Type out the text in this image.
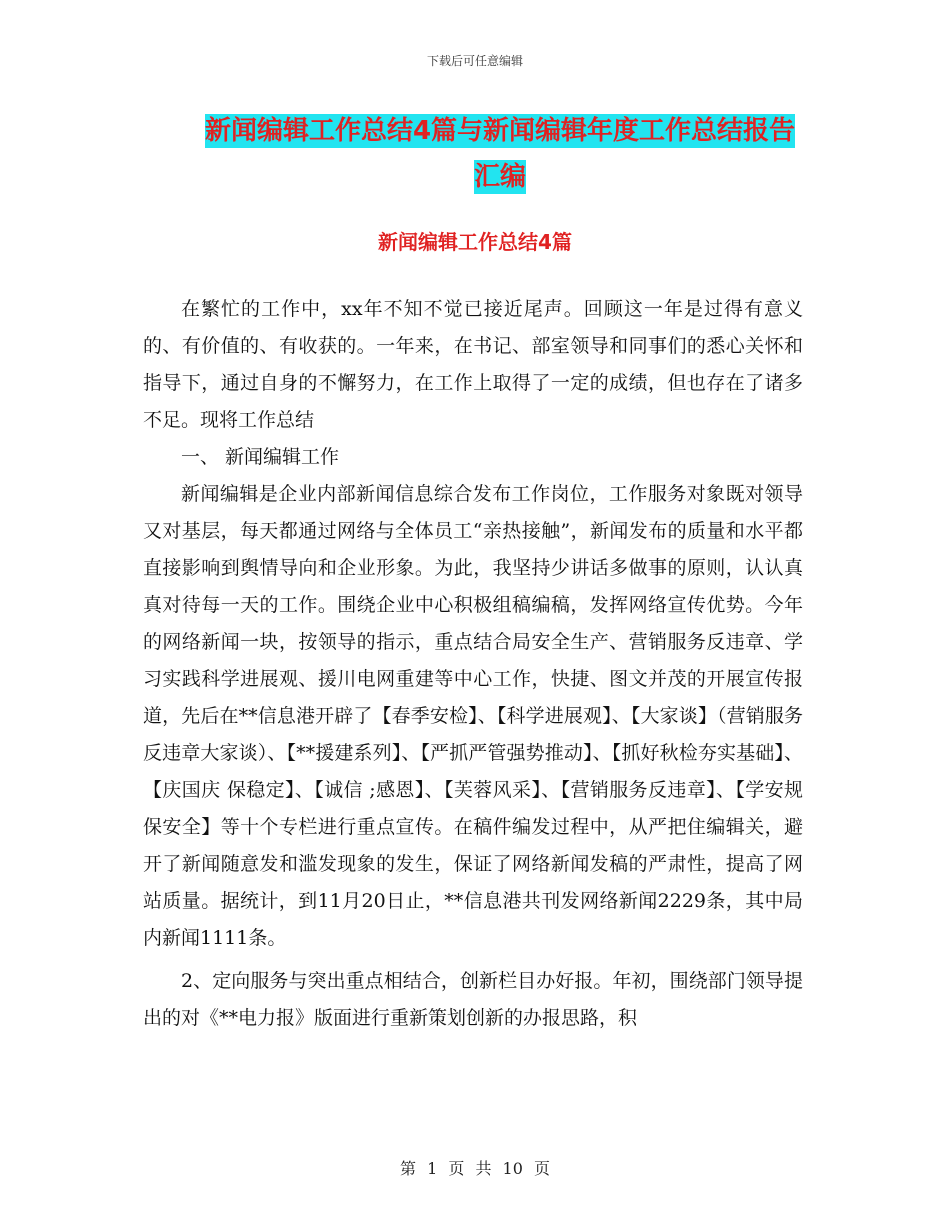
下载后可任意编辑
新闻编辑工作总结4篇与新闻编辑年度工作总结报告
汇编
新闻编辑工作总结4篇

在繁忙的工作中，xx年不知不觉已接近尾声。回顾这一年是过得有意义的、有价值的、有收获的。一年来，在书记、部室领导和同事们的悉心关怀和指导下，通过自身的不懈努力，在工作上取得了一定的成绩，但也存在了诸多不足。现将工作总结

一、 新闻编辑工作

新闻编辑是企业内部新闻信息综合发布工作岗位，工作服务对象既对领导又对基层，每天都通过网络与全体员工“亲热接触”，新闻发布的质量和水平都直接影响到舆情导向和企业形象。为此，我坚持少讲话多做事的原则，认认真真对待每一天的工作。围绕企业中心积极组稿编稿，发挥网络宣传优势。今年的网络新闻一块，按领导的指示，重点结合局安全生产、营销服务反违章、学习实践科学进展观、援川电网重建等中心工作，快捷、图文并茂的开展宣传报道，先后在**信息港开辟了【春季安检】、【科学进展观】、【大家谈】（营销服务反违章大家谈）、【**援建系列】、【严抓严管强势推动】、【抓好秋检夯实基础】、【庆国庆 保稳定】、【诚信 ;感恩】、【芙蓉风采】、【营销服务反违章】、【学安规保安全】等十个专栏进行重点宣传。在稿件编发过程中，从严把住编辑关，避开了新闻随意发和滥发现象的发生，保证了网络新闻发稿的严肃性，提高了网站质量。据统计，到11月20日止，**信息港共刊发网络新闻2229条，其中局内新闻1111条。

2、定向服务与突出重点相结合，创新栏目办好报。年初，围绕部门领导提出的对《**电力报》版面进行重新策划创新的办报思路，积

第 1 页 共 10 页
